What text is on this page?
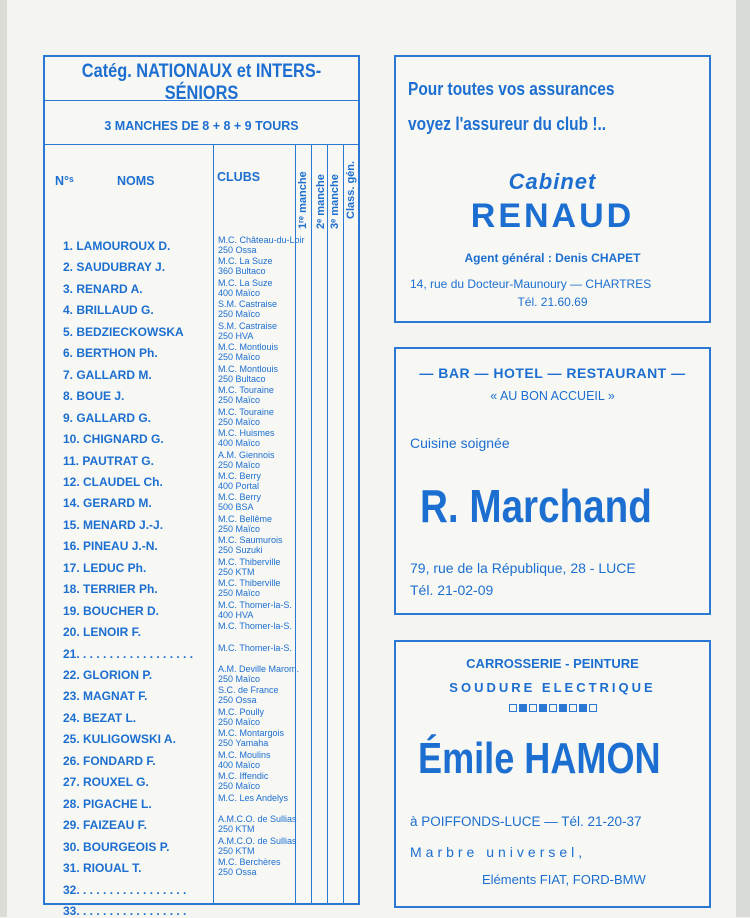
Catég. NATIONAUX et INTERS-SÉNIORS
3 MANCHES DE 8 + 8 + 9 TOURS
N°ˢ	NOMS	CLUBS	1ʳᵉ manche 2ᵉ manche 3ᵉ manche Class. gén.
1. LAMOUROUX D.	M.C. Château-du-Loir
250 Ossa
2. SAUDUBRAY J.	M.C. La Suze
360 Bultaco
3. RENARD A.	M.C. La Suze
400 Maïco
4. BRILLAUD G.	S.M. Castraise
250 Maïco
5. BEDZIECKOWSKA	S.M. Castraise
250 HVA
6. BERTHON Ph.	M.C. Montlouis
250 Maïco
7. GALLARD M.	M.C. Montlouis
250 Bultaco
8. BOUE J.	M.C. Touraine
250 Maïco
9. GALLARD G.	M.C. Touraine
250 Maïco
10. CHIGNARD G.	M.C. Huismes
400 Maïco
11. PAUTRAT G.	A.M. Giennois
250 Maïco
12. CLAUDEL Ch.	M.C. Berry
400 Portal
14. GERARD M.	M.C. Berry
500 BSA
15. MENARD J.-J.	M.C. Bellême
250 Maïco
16. PINEAU J.-N.	M.C. Saumurois
250 Suzuki
17. LEDUC Ph.	M.C. Thiberville
250 KTM
18. TERRIER Ph.	M.C. Thiberville
250 Maïco
19. BOUCHER D.	M.C. Thomer-la-S.
400 HVA
20. LENOIR F.	M.C. Thomer-la-S.
21. . . . . . . . . . . . . . . . . .	M.C. Thomer-la-S.
22. GLORION P.	A.M. Deville Marom.
250 Maïco
23. MAGNAT F.	S.C. de France
250 Ossa
24. BEZAT L.	M.C. Poully
250 Maïco
25. KULIGOWSKI A.	M.C. Montargois
250 Yamaha
26. FONDARD F.	M.C. Moulins
400 Maïco
27. ROUXEL G.	M.C. Iffendic
250 Maïco
28. PIGACHE L.	M.C. Les Andelys
29. FAIZEAU F.	A.M.C.O. de Sullias
250 KTM
30. BOURGEOIS P.	A.M.C.O. de Sullias
250 KTM
31. RIOUAL T.	M.C. Berchères
250 Ossa
32. . . . . . . . . . . . . . . . .
33. . . . . . . . . . . . . . . . .
Pour toutes vos assurances
voyez l'assureur du club !..
Cabinet
RENAUD
Agent général : Denis CHAPET
14, rue du Docteur-Maunoury — CHARTRES
Tél. 21.60.69
— BAR — HOTEL — RESTAURANT —
« AU BON ACCUEIL »
Cuisine soignée
R. Marchand
79, rue de la République, 28 - LUCE
Tél. 21-02-09
CARROSSERIE - PEINTURE
SOUDURE ELECTRIQUE
Émile HAMON
à POIFFONDS-LUCE — Tél. 21-20-37
Marbre universel,
Eléments FIAT, FORD-BMW
